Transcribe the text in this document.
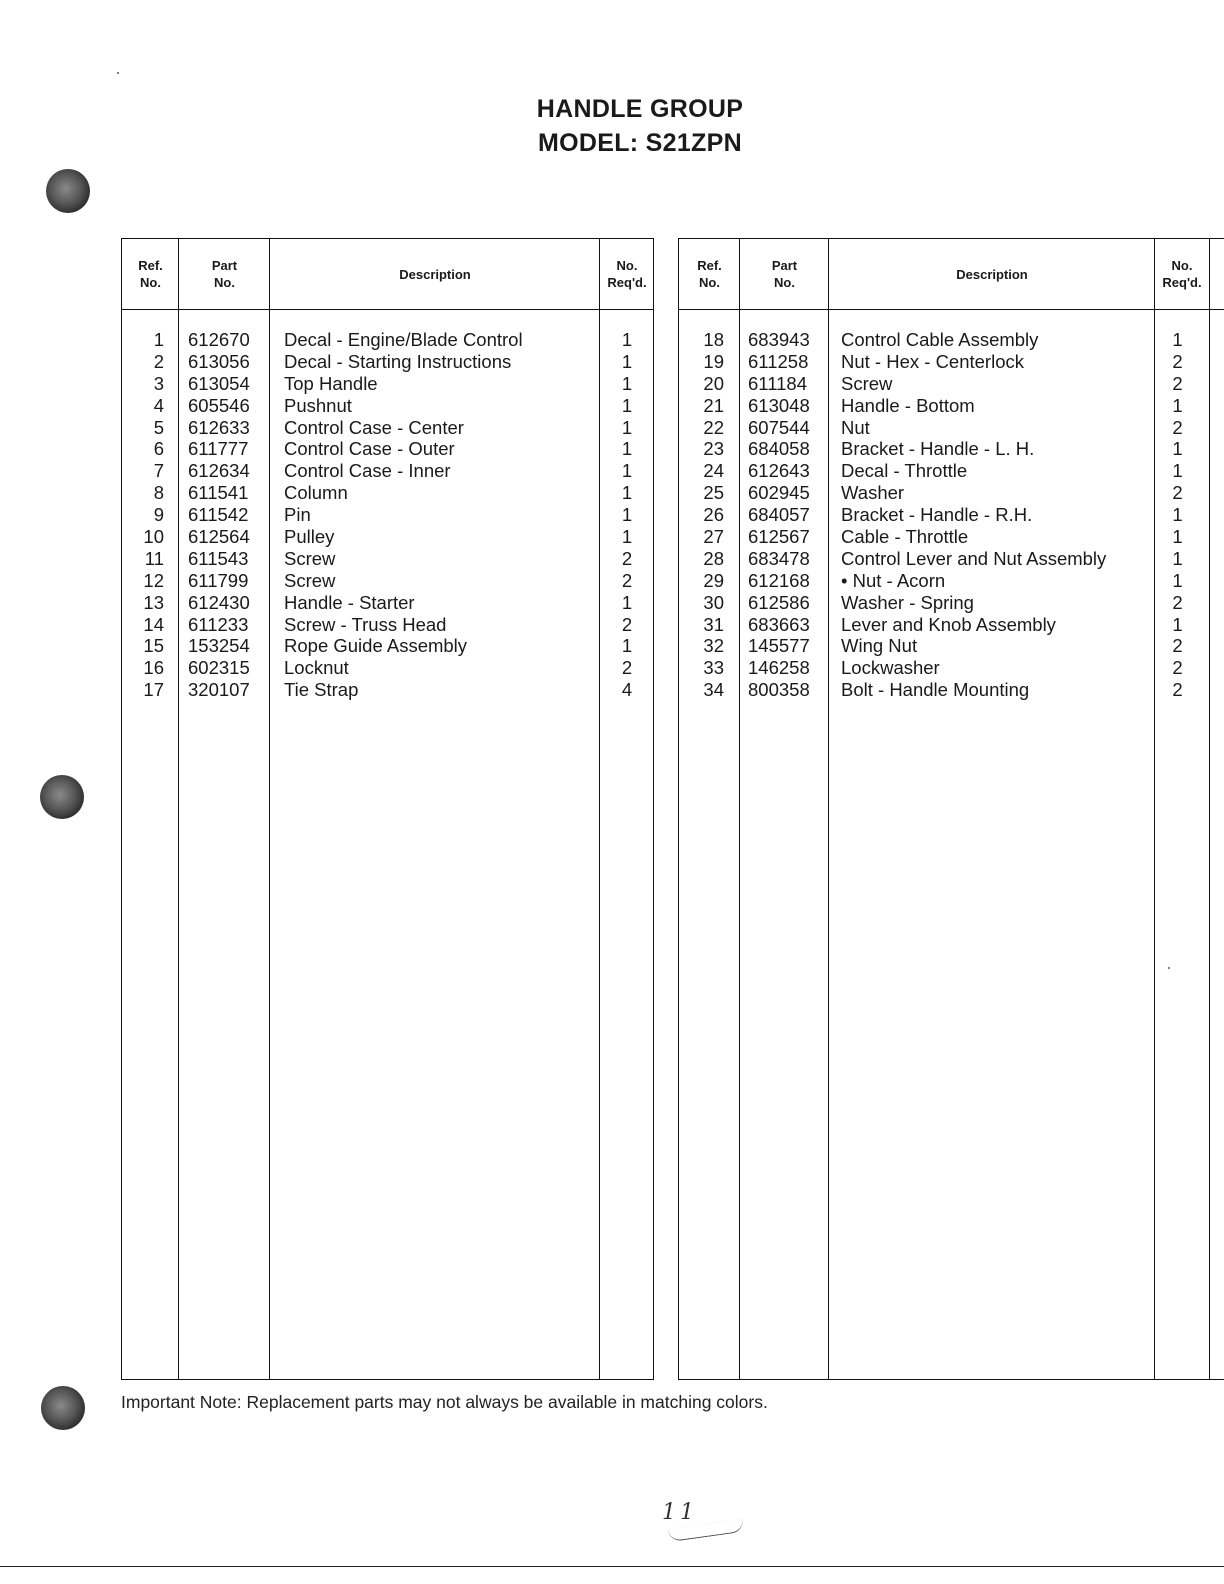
HANDLE GROUP
MODEL: S21ZPN
Ref.
No.
Part
No.
Description
No.
Req'd.
1 612670 Decal - Engine/Blade Control	1
2 613056 Decal - Starting Instructions	1
3 613054 Top Handle	1
4 605546 Pushnut	1
5 612633 Control Case - Center	1
6 611777 Control Case - Outer	1
7 612634 Control Case - Inner	1
8 611541 Column	1
9 611542 Pin	1
10 612564 Pulley	1
11 611543 Screw	2
12 611799 Screw	2
13 612430 Handle - Starter	1
14 611233 Screw - Truss Head	2
15 153254 Rope Guide Assembly	1
16 602315 Locknut	2
17 320107 Tie Strap	4
Ref.
No.
Part
No.
Description
No.
Req'd.
18 683943 Control Cable Assembly	1
19 611258 Nut - Hex - Centerlock	2
20 611184 Screw	2
21 613048 Handle - Bottom	1
22 607544 Nut	2
23 684058 Bracket - Handle - L. H.	1
24 612643 Decal - Throttle	1
25 602945 Washer	2
26 684057 Bracket - Handle - R.H.	1
27 612567 Cable - Throttle	1
28 683478 Control Lever and Nut Assembly	1
29 612168 • Nut - Acorn	1
30 612586 Washer - Spring	2
31 683663 Lever and Knob Assembly	1
32 145577 Wing Nut	2
33 146258 Lockwasher	2
34 800358 Bolt - Handle Mounting	2
Important Note: Replacement parts may not always be available in matching colors.
11
